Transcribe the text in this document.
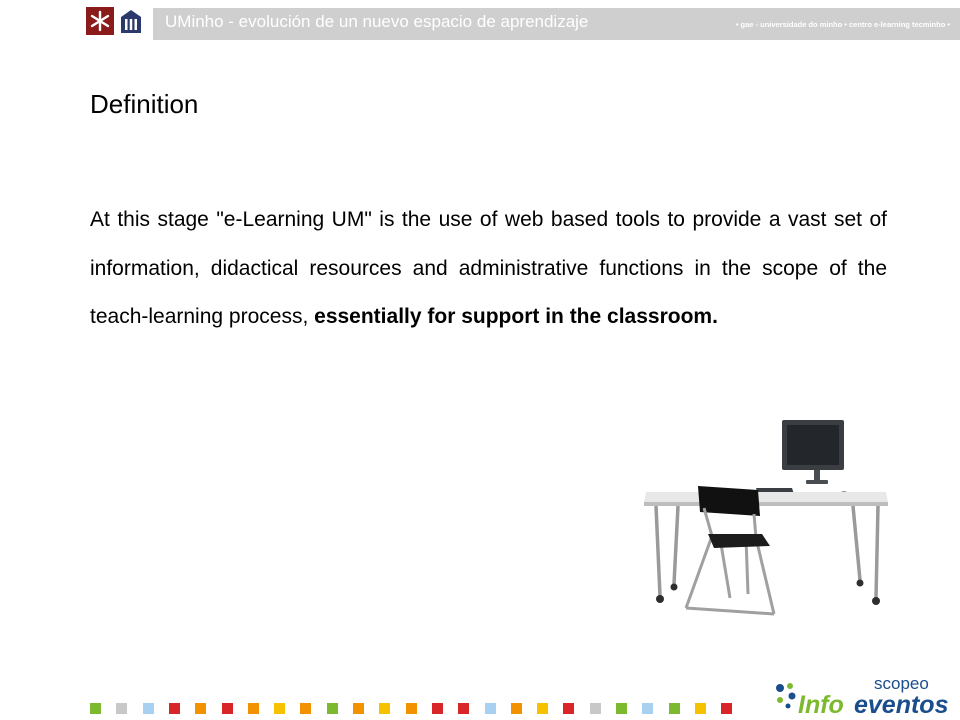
UMinho - evolución de un nuevo espacio de aprendizaje	• gae - universidade do minho • centro e-learning tecminho •
Definition

At this stage "e-Learning UM" is the use of web based tools to provide a vast set of information, didactical resources and administrative functions in the scope of the teach-learning process, essentially for support in the classroom.

scopeo
Info eventos
